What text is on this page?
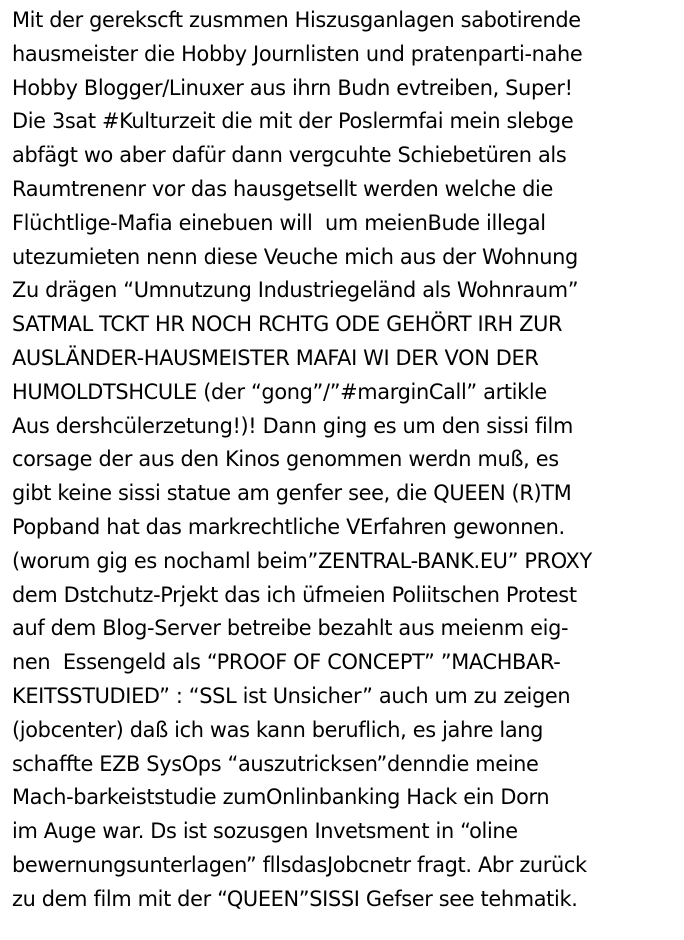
Mit der gerekscft zusmmen Hiszusganlagen sabotirende
hausmeister die Hobby Journlisten und pratenparti-nahe
Hobby Blogger/Linuxer aus ihrn Budn evtreiben, Super!
Die 3sat #Kulturzeit die mit der Poslermfai mein slebge
abfägt wo aber dafür dann vergcuhte Schiebetüren als
Raumtrenenr vor das hausgetsellt werden welche die
Flüchtlige-Mafia einebuen will  um meienBude illegal
utezumieten nenn diese Veuche mich aus der Wohnung
Zu drägen “Umnutzung Industriegeländ als Wohnraum”
SATMAL TCKT HR NOCH RCHTG ODE GEHÖRT IRH ZUR
AUSLÄNDER-HAUSMEISTER MAFAI WI DER VON DER
HUMOLDTSHCULE (der “gong”/”#marginCall” artikle
Aus dershcülerzetung!)! Dann ging es um den sissi film
corsage der aus den Kinos genommen werdn muß, es
gibt keine sissi statue am genfer see, die QUEEN (R)TM
Popband hat das markrechtliche VErfahren gewonnen.
(worum gig es nochaml beim”ZENTRAL-BANK.EU” PROXY
dem Dstchutz-Prjekt das ich üfmeien Poliitschen Protest
auf dem Blog-Server betreibe bezahlt aus meienm eig-
nen  Essengeld als “PROOF OF CONCEPT” ”MACHBAR-
KEITSSTUDIED” : “SSL ist Unsicher” auch um zu zeigen
(jobcenter) daß ich was kann beruflich, es jahre lang
schaffte EZB SysOps “auszutricksen”denndie meine
Mach-barkeiststudie zumOnlinbanking Hack ein Dorn
im Auge war. Ds ist sozusgen Invetsment in “oline
bewernungsunterlagen” fllsdasJobcnetr fragt. Abr zurück
zu dem film mit der “QUEEN”SISSI Gefser see tehmatik.
